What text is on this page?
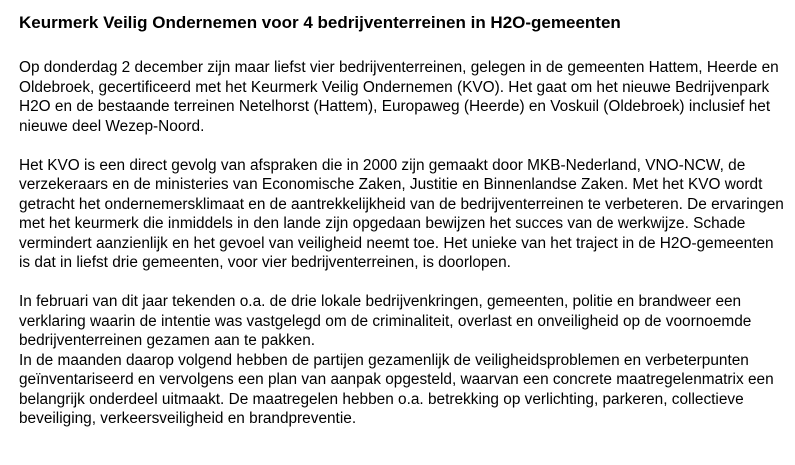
Keurmerk Veilig Ondernemen voor 4 bedrijventerreinen in H2O-gemeenten

Op donderdag 2 december zijn maar liefst vier bedrijventerreinen, gelegen in de gemeenten Hattem, Heerde en Oldebroek, gecertificeerd met het Keurmerk Veilig Ondernemen (KVO). Het gaat om het nieuwe Bedrijvenpark H2O en de bestaande terreinen Netelhorst (Hattem), Europaweg (Heerde) en Voskuil (Oldebroek) inclusief het nieuwe deel Wezep-Noord.

Het KVO is een direct gevolg van afspraken die in 2000 zijn gemaakt door MKB-Nederland, VNO-NCW, de verzekeraars en de ministeries van Economische Zaken, Justitie en Binnenlandse Zaken. Met het KVO wordt getracht het ondernemersklimaat en de aantrekkelijkheid van de bedrijventerreinen te verbeteren. De ervaringen met het keurmerk die inmiddels in den lande zijn opgedaan bewijzen het succes van de werkwijze. Schade vermindert aanzienlijk en het gevoel van veiligheid neemt toe. Het unieke van het traject in de H2O-gemeenten is dat in liefst drie gemeenten, voor vier bedrijventerreinen, is doorlopen.

In februari van dit jaar tekenden o.a. de drie lokale bedrijvenkringen, gemeenten, politie en brandweer een verklaring waarin de intentie was vastgelegd om de criminaliteit, overlast en onveiligheid op de voornoemde bedrijventerreinen gezamen aan te pakken.

In de maanden daarop volgend hebben de partijen gezamenlijk de veiligheidsproblemen en verbeterpunten geïnventariseerd en vervolgens een plan van aanpak opgesteld, waarvan een concrete maatregelenmatrix een belangrijk onderdeel uitmaakt. De maatregelen hebben o.a. betrekking op verlichting, parkeren, collectieve beveiliging, verkeersveiligheid en brandpreventie.
